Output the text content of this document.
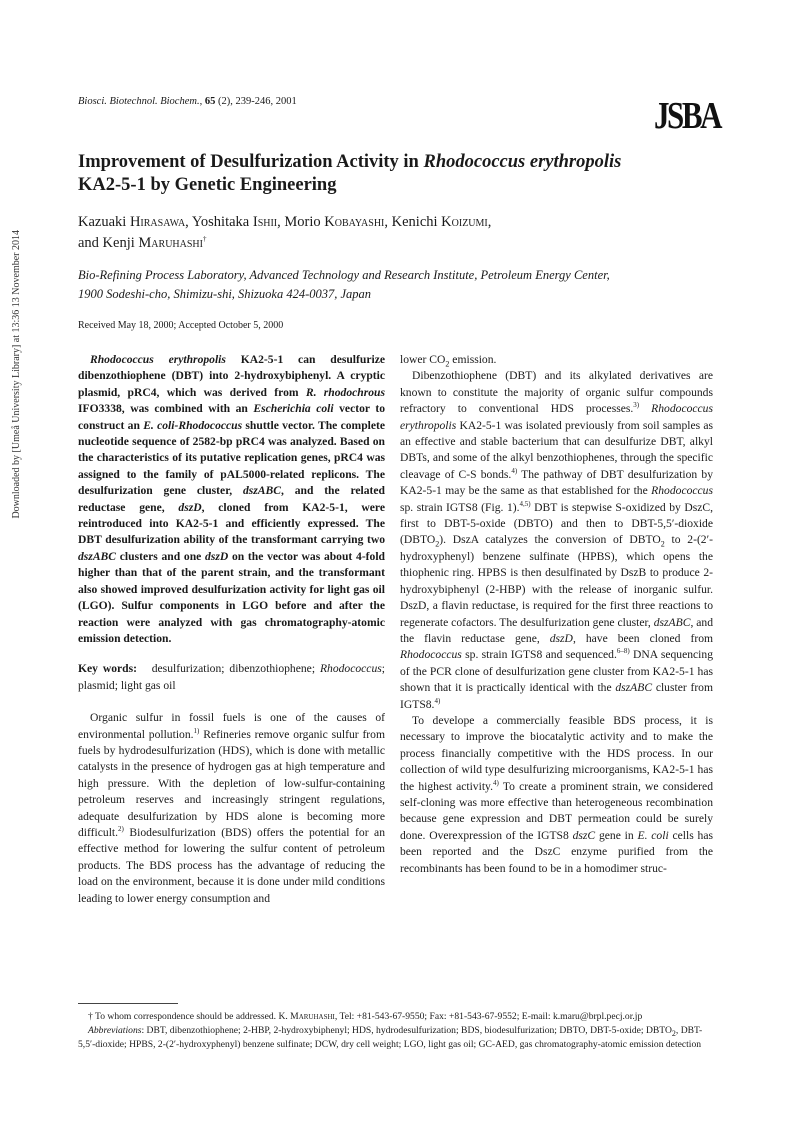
Downloaded by [Umeå University Library] at 13:36 13 November 2014
Biosci. Biotechnol. Biochem., 65 (2), 239-246, 2001	JSBA
Improvement of Desulfurization Activity in Rhodococcus erythropolis
KA2-5-1 by Genetic Engineering
Kazuaki Hirasawa, Yoshitaka Ishii, Morio Kobayashi, Kenichi Koizumi,
and Kenji Maruhashi†
Bio-Refining Process Laboratory, Advanced Technology and Research Institute, Petroleum Energy Center,
1900 Sodeshi-cho, Shimizu-shi, Shizuoka 424-0037, Japan
Received May 18, 2000; Accepted October 5, 2000

Rhodococcus erythropolis KA2-5-1 can desulfurize dibenzothiophene (DBT) into 2-hydroxybiphenyl. A cryptic plasmid, pRC4, which was derived from R. rhodochrous IFO3338, was combined with an Escherichia coli vector to construct an E. coli-Rhodococcus shuttle vector. The complete nucleotide sequence of 2582-bp pRC4 was analyzed. Based on the characteristics of its putative replication genes, pRC4 was assigned to the family of pAL5000-related replicons. The desulfurization gene cluster, dszABC, and the related reductase gene, dszD, cloned from KA2-5-1, were reintroduced into KA2-5-1 and efficiently expressed. The DBT desulfurization ability of the transformant carrying two dszABC clusters and one dszD on the vector was about 4-fold higher than that of the parent strain, and the transformant also showed improved desulfurization activity for light gas oil (LGO). Sulfur components in LGO before and after the reaction were analyzed with gas chromatography-atomic emission detection.

Key words: desulfurization; dibenzothiophene; Rhodococcus; plasmid; light gas oil

Organic sulfur in fossil fuels is one of the causes of environmental pollution.$^{1)}$ Refineries remove organic sulfur from fuels by hydrodesulfurization (HDS), which is done with metallic catalysts in the presence of hydrogen gas at high temperature and high pressure. With the depletion of low-sulfur-containing petroleum reserves and increasingly stringent regulations, adequate desulfurization by HDS alone is becoming more difficult.$^{2)}$ Biodesulfurization (BDS) offers the potential for an effective method for lowering the sulfur content of petroleum products. The BDS process has the advantage of reducing the load on the environment, because it is done under mild conditions leading to lower energy consumption and

lower $CO_2$ emission.

Dibenzothiophene (DBT) and its alkylated derivatives are known to constitute the majority of organic sulfur compounds refractory to conventional HDS processes.$^{3)}$ Rhodococcus erythropolis KA2-5-1 was isolated previously from soil samples as an effective and stable bacterium that can desulfurize DBT, alkyl DBTs, and some of the alkyl benzothiophenes, through the specific cleavage of C-S bonds.$^{4)}$ The pathway of DBT desulfurization by KA2-5-1 may be the same as that established for the Rhodococcus sp. strain IGTS8 (Fig. 1).$^{4,5)}$ DBT is stepwise S-oxidized by DszC, first to DBT-5-oxide (DBTO) and then to DBT-5,5′-dioxide $(DBTO_2)$. DszA catalyzes the conversion of $DBTO_2$ to 2-(2′-hydroxyphenyl) benzene sulfinate (HPBS), which opens the thiophenic ring. HPBS is then desulfinated by DszB to produce 2-hydroxybiphenyl (2-HBP) with the release of inorganic sulfur. DszD, a flavin reductase, is required for the first three reactions to regenerate cofactors. The desulfurization gene cluster, dszABC, and the flavin reductase gene, dszD, have been cloned from Rhodococcus sp. strain IGTS8 and sequenced.$^{6-8)}$ DNA sequencing of the PCR clone of desulfurization gene cluster from KA2-5-1 has shown that it is practically identical with the dszABC cluster from IGTS8.$^{4)}$

To develope a commercially feasible BDS process, it is necessary to improve the biocatalytic activity and to make the process financially competitive with the HDS process. In our collection of wild type desulfurizing microorganisms, KA2-5-1 has the highest activity.$^{4)}$ To create a prominent strain, we considered self-cloning was more effective than heterogeneous recombination because gene expression and DBT permeation could be surely done. Overexpression of the IGTS8 dszC gene in E. coli cells has been reported and the DszC enzyme purified from the recombinants has been found to be in a homodimer struc-

† To whom correspondence should be addressed. K. Maruhashi, Tel: +81-543-67-9550; Fax: +81-543-67-9552; E-mail: k.maru@brpl.pecj.or.jp

Abbreviations: DBT, dibenzothiophene; 2-HBP, 2-hydroxybiphenyl; HDS, hydrodesulfurization; BDS, biodesulfurization; DBTO, DBT-5-oxide; $DBTO_2$, DBT-5,5′-dioxide; HPBS, 2-(2′-hydroxyphenyl) benzene sulfinate; DCW, dry cell weight; LGO, light gas oil; GC-AED, gas chromatography-atomic emission detection
